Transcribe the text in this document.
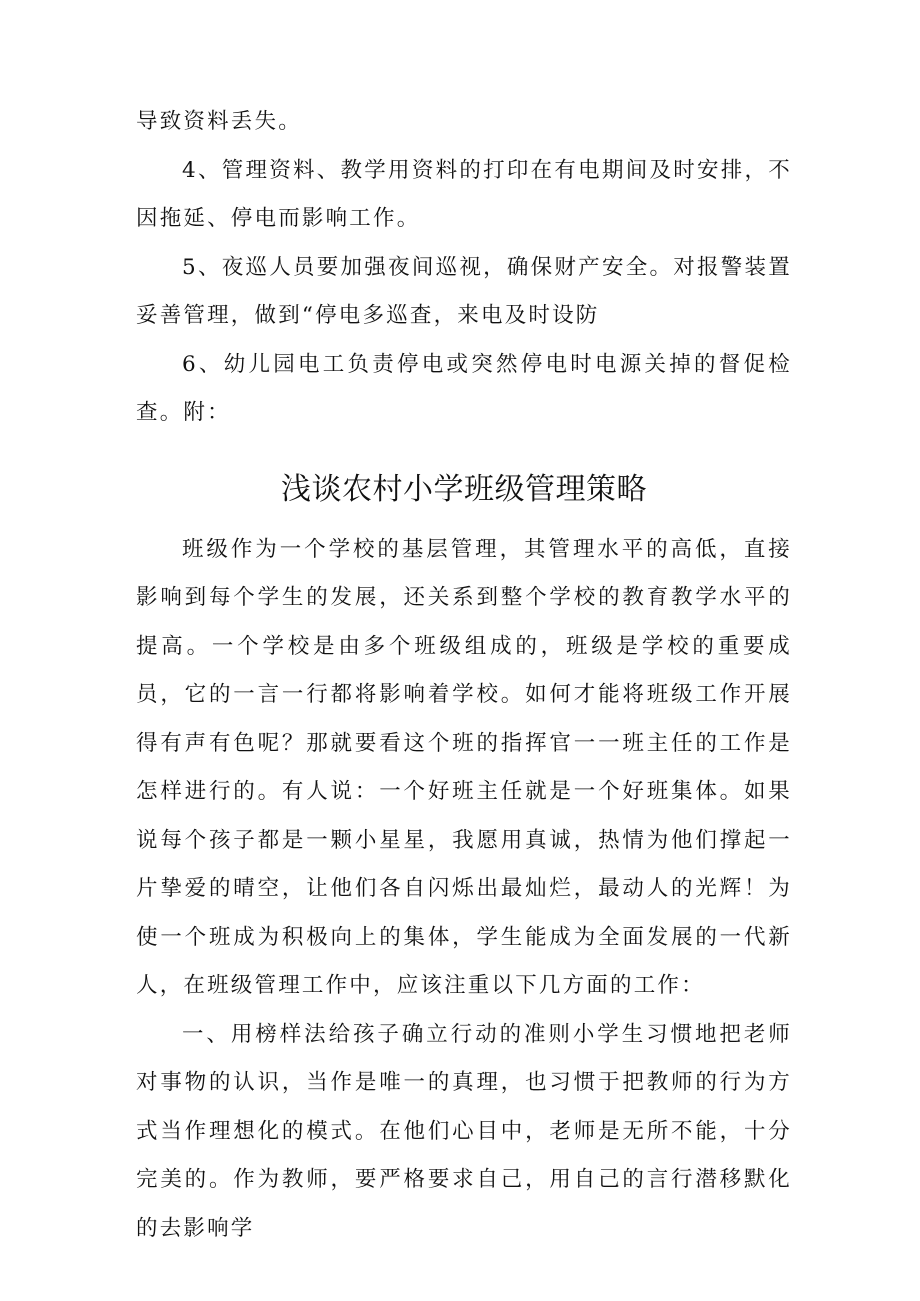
导致资料丢失。

4、管理资料、教学用资料的打印在有电期间及时安排，不因拖延、停电而影响工作。

5、夜巡人员要加强夜间巡视，确保财产安全。对报警装置妥善管理，做到“停电多巡査，来电及时设防

6、幼儿园电工负责停电或突然停电时电源关掉的督促检查。附：

浅谈农村小学班级管理策略

班级作为一个学校的基层管理，其管理水平的高低，直接影响到每个学生的发展，还关系到整个学校的教育教学水平的提高。一个学校是由多个班级组成的，班级是学校的重要成员，它的一言一行都将影响着学校。如何才能将班级工作开展得有声有色呢？那就要看这个班的指挥官一一班主任的工作是怎样进行的。有人说：一个好班主任就是一个好班集体。如果说每个孩子都是一颗小星星，我愿用真诚，热情为他们撑起一片挚爱的晴空，让他们各自闪烁出最灿烂，最动人的光辉！为使一个班成为积极向上的集体，学生能成为全面发展的一代新人，在班级管理工作中，应该注重以下几方面的工作：

一、用榜样法给孩子确立行动的准则小学生习惯地把老师对事物的认识，当作是唯一的真理，也习惯于把教师的行为方式当作理想化的模式。在他们心目中，老师是无所不能，十分完美的。作为教师，要严格要求自己，用自己的言行潜移默化的去影响学
